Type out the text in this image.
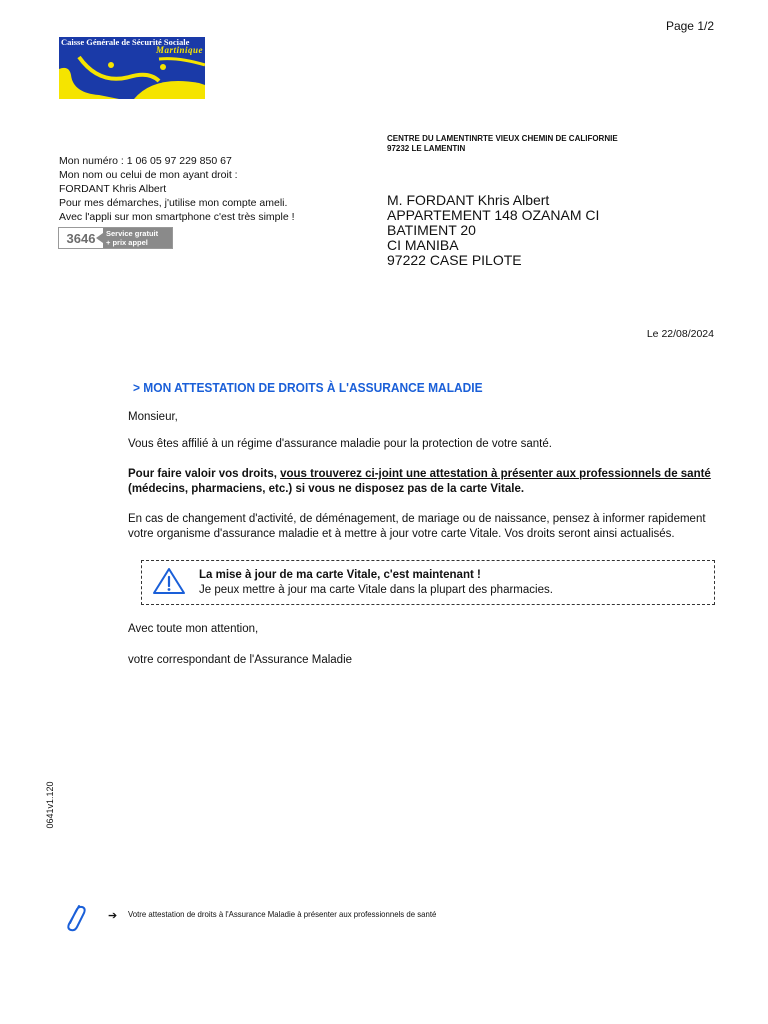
Page 1/2
Caisse Générale de Sécurité Sociale
Martinique
CENTRE DU LAMENTINRTE VIEUX CHEMIN DE CALIFORNIE
97232 LE LAMENTIN
Mon numéro : 1 06 05 97 229 850 67
Mon nom ou celui de mon ayant droit :
FORDANT Khris Albert
Pour mes démarches, j'utilise mon compte ameli.
Avec l'appli sur mon smartphone c'est très simple !
3646	Service gratuit
+ prix appel
M. FORDANT Khris Albert
APPARTEMENT 148 OZANAM CI
BATIMENT 20
CI MANIBA
97222 CASE PILOTE
Le 22/08/2024
> MON ATTESTATION DE DROITS À L'ASSURANCE MALADIE
Monsieur,
Vous êtes affilié à un régime d'assurance maladie pour la protection de votre santé.
Pour faire valoir vos droits, vous trouverez ci-joint une attestation à présenter aux professionnels de santé (médecins, pharmaciens, etc.) si vous ne disposez pas de la carte Vitale.
En cas de changement d'activité, de déménagement, de mariage ou de naissance, pensez à informer rapidement votre organisme d'assurance maladie et à mettre à jour votre carte Vitale. Vos droits seront ainsi actualisés.
La mise à jour de ma carte Vitale, c'est maintenant !
Je peux mettre à jour ma carte Vitale dans la plupart des pharmacies.
Avec toute mon attention,
votre correspondant de l'Assurance Maladie
0641v1.120
➔ Votre attestation de droits à l'Assurance Maladie à présenter aux professionnels de santé
